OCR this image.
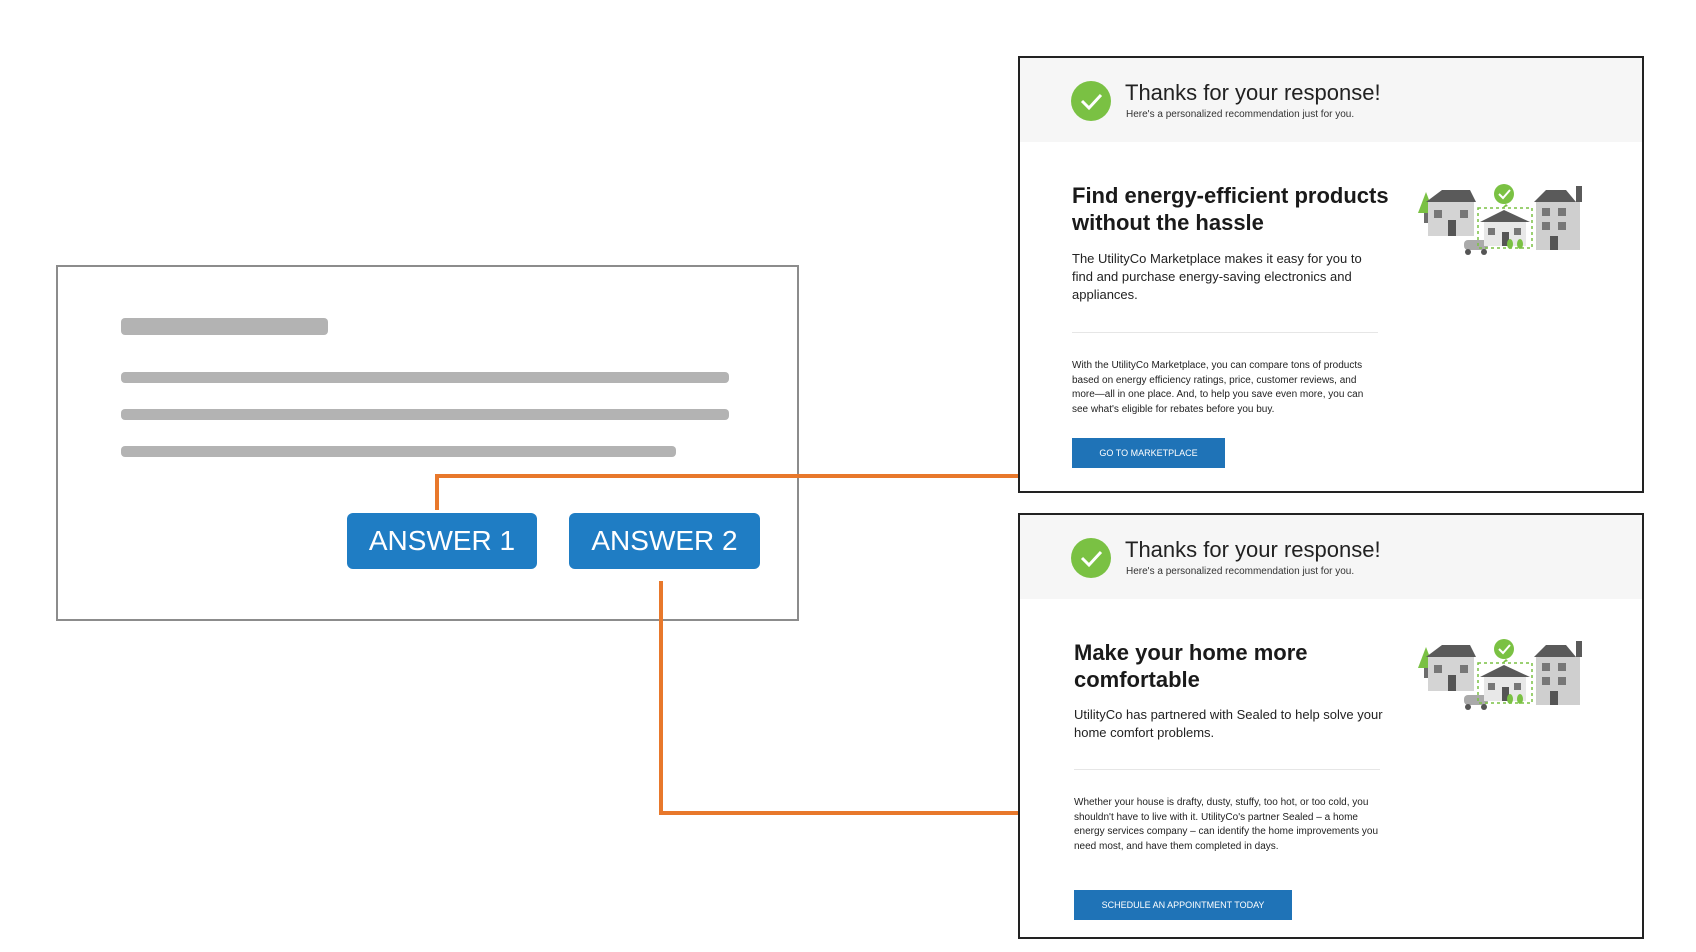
ANSWER 1	ANSWER 2
Thanks for your response!
Here's a personalized recommendation just for you.
Find energy-efficient products without the hassle
The UtilityCo Marketplace makes it easy for you to find and purchase energy-saving electronics and appliances.
With the UtilityCo Marketplace, you can compare tons of products based on energy efficiency ratings, price, customer reviews, and more—all in one place. And, to help you save even more, you can see what's eligible for rebates before you buy.
GO TO MARKETPLACE
Thanks for your response!
Here's a personalized recommendation just for you.
Make your home more comfortable
UtilityCo has partnered with Sealed to help solve your home comfort problems.
Whether your house is drafty, dusty, stuffy, too hot, or too cold, you shouldn't have to live with it. UtilityCo's partner Sealed – a home energy services company – can identify the home improvements you need most, and have them completed in days.
SCHEDULE AN APPOINTMENT TODAY
